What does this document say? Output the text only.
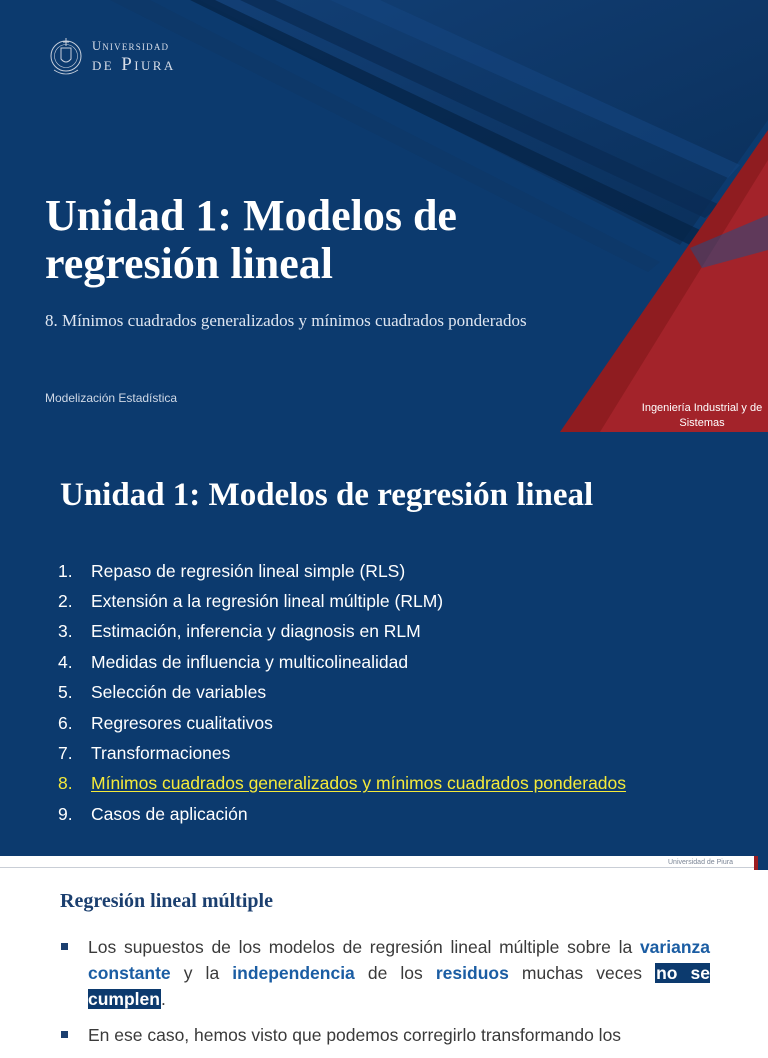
Universidad
de Piura
Unidad 1: Modelos de regresión lineal
8. Mínimos cuadrados generalizados y mínimos cuadrados ponderados
Modelización Estadística
Ingeniería Industrial y de Sistemas
Unidad 1: Modelos de regresión lineal
1.	Repaso de regresión lineal simple (RLS)
2.	Extensión a la regresión lineal múltiple (RLM)
3.	Estimación, inferencia y diagnosis en RLM
4.	Medidas de influencia y multicolinealidad
5.	Selección de variables
6.	Regresores cualitativos
7.	Transformaciones
8.	Mínimos cuadrados generalizados y mínimos cuadrados ponderados
9.	Casos de aplicación
Universidad de Piura
Regresión lineal múltiple
Los supuestos de los modelos de regresión lineal múltiple sobre la varianza constante y la independencia de los residuos muchas veces no se cumplen.
En ese caso, hemos visto que podemos corregirlo transformando los
